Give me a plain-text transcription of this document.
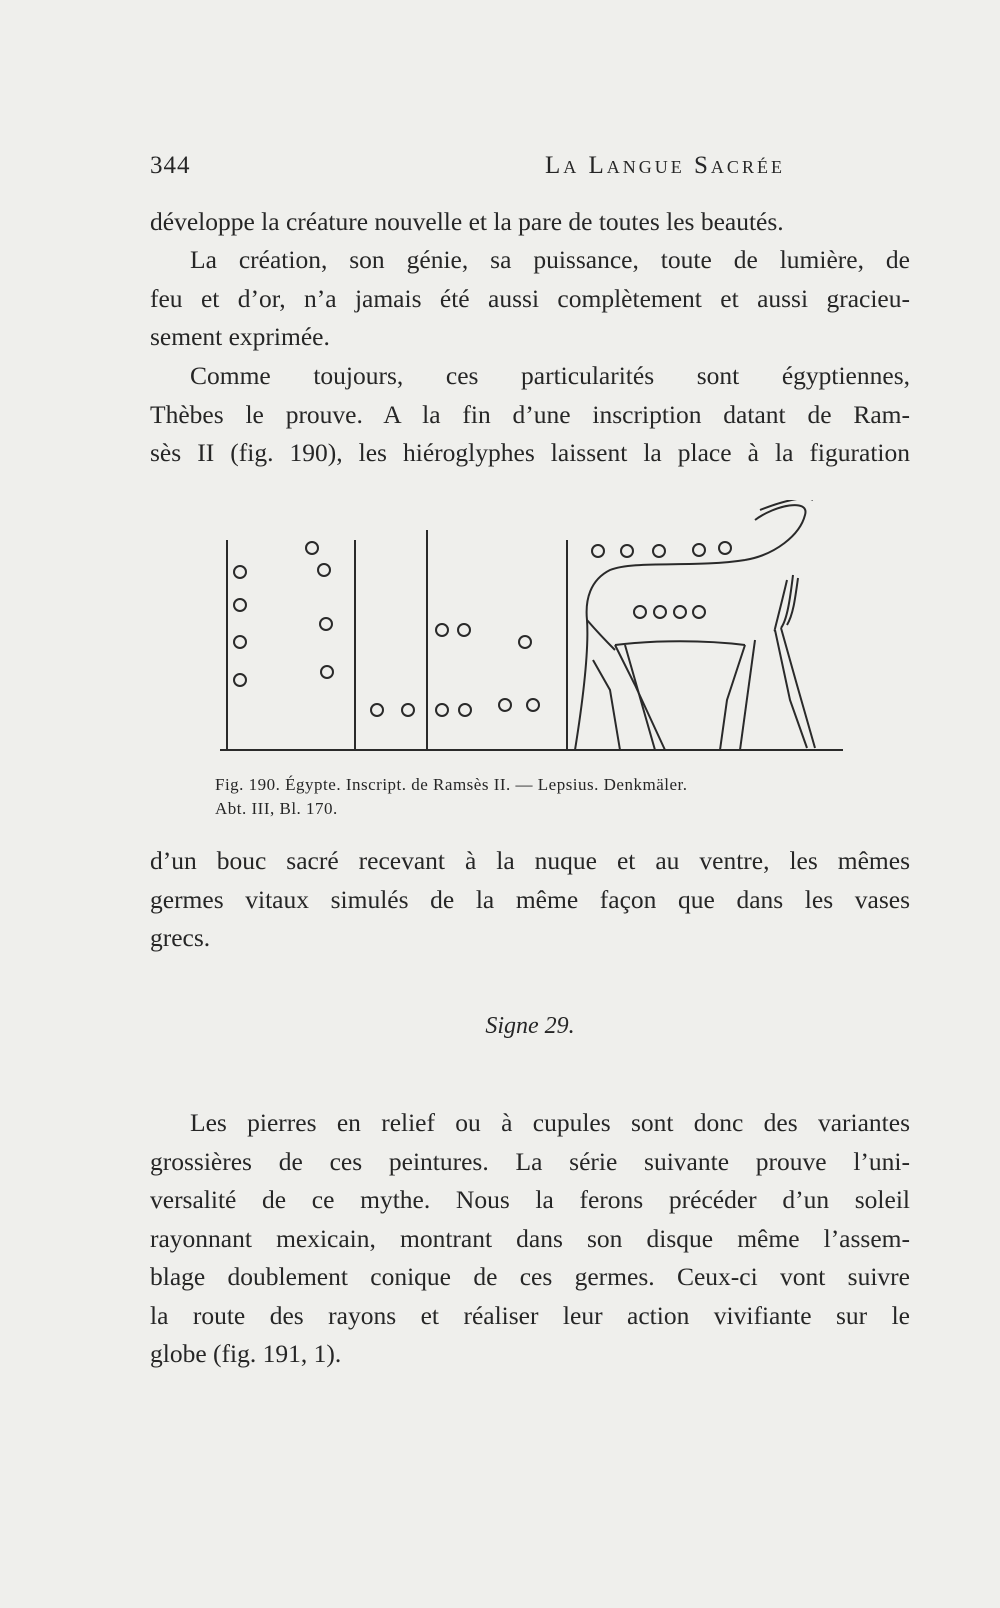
344	La Langue Sacrée

développe la créature nouvelle et la pare de toutes les beautés.

La création, son génie, sa puissance, toute de lumière, de
feu et d’or, n’a jamais été aussi complètement et aussi gracieu-
sement exprimée.

Comme toujours, ces particularités sont égyptiennes,
Thèbes le prouve. A la fin d’une inscription datant de Ram-
sès II (fig. 190), les hiéroglyphes laissent la place à la figuration

Fig. 190. Égypte. Inscript. de Ramsès II. — Lepsius. Denkmäler.
Abt. III, Bl. 170.

d’un bouc sacré recevant à la nuque et au ventre, les mêmes
germes vitaux simulés de la même façon que dans les vases
grecs.

Signe 29.

Les pierres en relief ou à cupules sont donc des variantes
grossières de ces peintures. La série suivante prouve l’uni-
versalité de ce mythe. Nous la ferons précéder d’un soleil
rayonnant mexicain, montrant dans son disque même l’assem-
blage doublement conique de ces germes. Ceux-ci vont suivre
la route des rayons et réaliser leur action vivifiante sur le
globe (fig. 191, 1).
